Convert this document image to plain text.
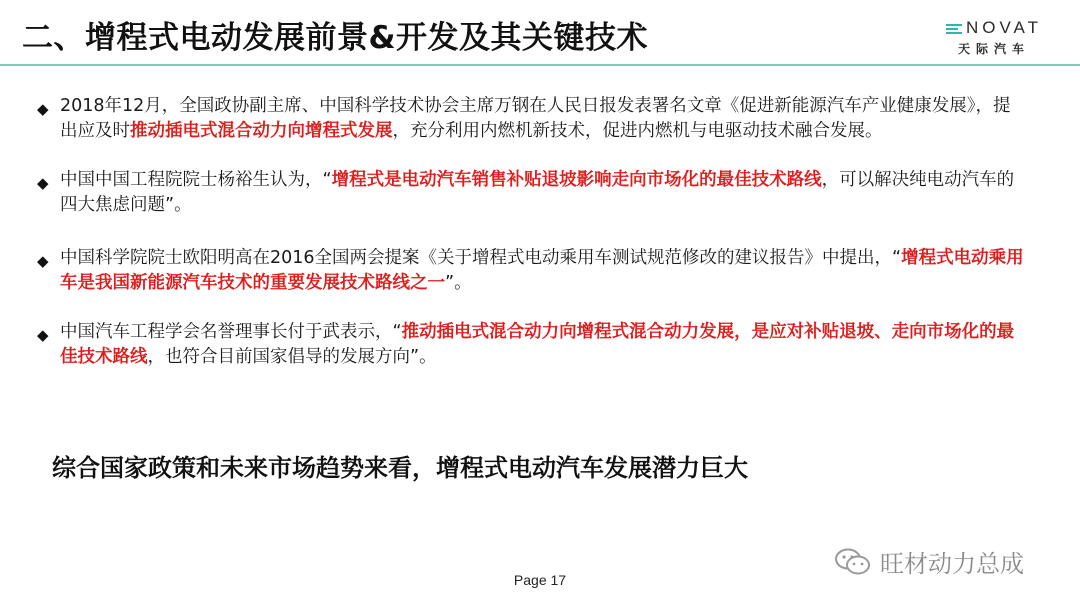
二、增程式电动发展前景&开发及其关键技术	NOVAT
天际汽车
◆ 2018年12月，全国政协副主席、中国科学技术协会主席万钢在人民日报发表署名文章《促进新能源汽车产业健康发展》，提出应及时推动插电式混合动力向增程式发展，充分利用内燃机新技术，促进内燃机与电驱动技术融合发展。
◆ 中国中国工程院院士杨裕生认为，“增程式是电动汽车销售补贴退坡影响走向市场化的最佳技术路线，可以解决纯电动汽车的四大焦虑问题”。
◆ 中国科学院院士欧阳明高在2016全国两会提案《关于增程式电动乘用车测试规范修改的建议报告》中提出，“增程式电动乘用车是我国新能源汽车技术的重要发展技术路线之一”。
◆ 中国汽车工程学会名誉理事长付于武表示，“推动插电式混合动力向增程式混合动力发展，是应对补贴退坡、走向市场化的最佳技术路线，也符合目前国家倡导的发展方向”。
综合国家政策和未来市场趋势来看，增程式电动汽车发展潜力巨大
旺材动力总成
Page 17
